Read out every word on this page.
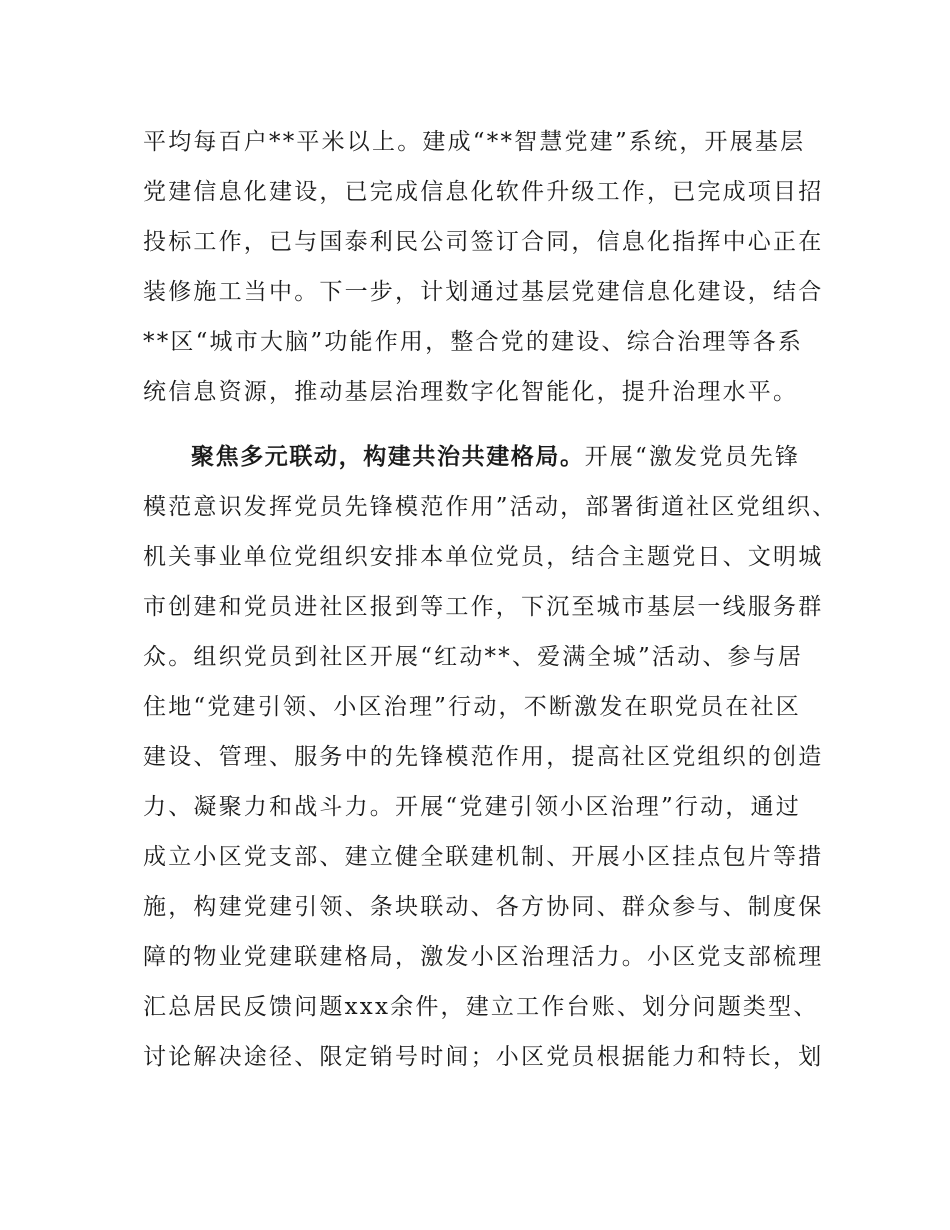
平均每百户**平米以上。建成“**智慧党建”系统，开展基层
党建信息化建设，已完成信息化软件升级工作，已完成项目招
投标工作，已与国泰利民公司签订合同，信息化指挥中心正在
装修施工当中。下一步，计划通过基层党建信息化建设，结合
**区“城市大脑”功能作用，整合党的建设、综合治理等各系
统信息资源，推动基层治理数字化智能化，提升治理水平。
聚焦多元联动，构建共治共建格局。开展“激发党员先锋
模范意识发挥党员先锋模范作用”活动，部署街道社区党组织、
机关事业单位党组织安排本单位党员，结合主题党日、文明城
市创建和党员进社区报到等工作，下沉至城市基层一线服务群
众。组织党员到社区开展“红动**、爱满全城”活动、参与居
住地“党建引领、小区治理”行动，不断激发在职党员在社区
建设、管理、服务中的先锋模范作用，提高社区党组织的创造
力、凝聚力和战斗力。开展“党建引领小区治理”行动，通过
成立小区党支部、建立健全联建机制、开展小区挂点包片等措
施，构建党建引领、条块联动、各方协同、群众参与、制度保
障的物业党建联建格局，激发小区治理活力。小区党支部梳理
汇总居民反馈问题xxx余件，建立工作台账、划分问题类型、
讨论解决途径、限定销号时间；小区党员根据能力和特长，划
